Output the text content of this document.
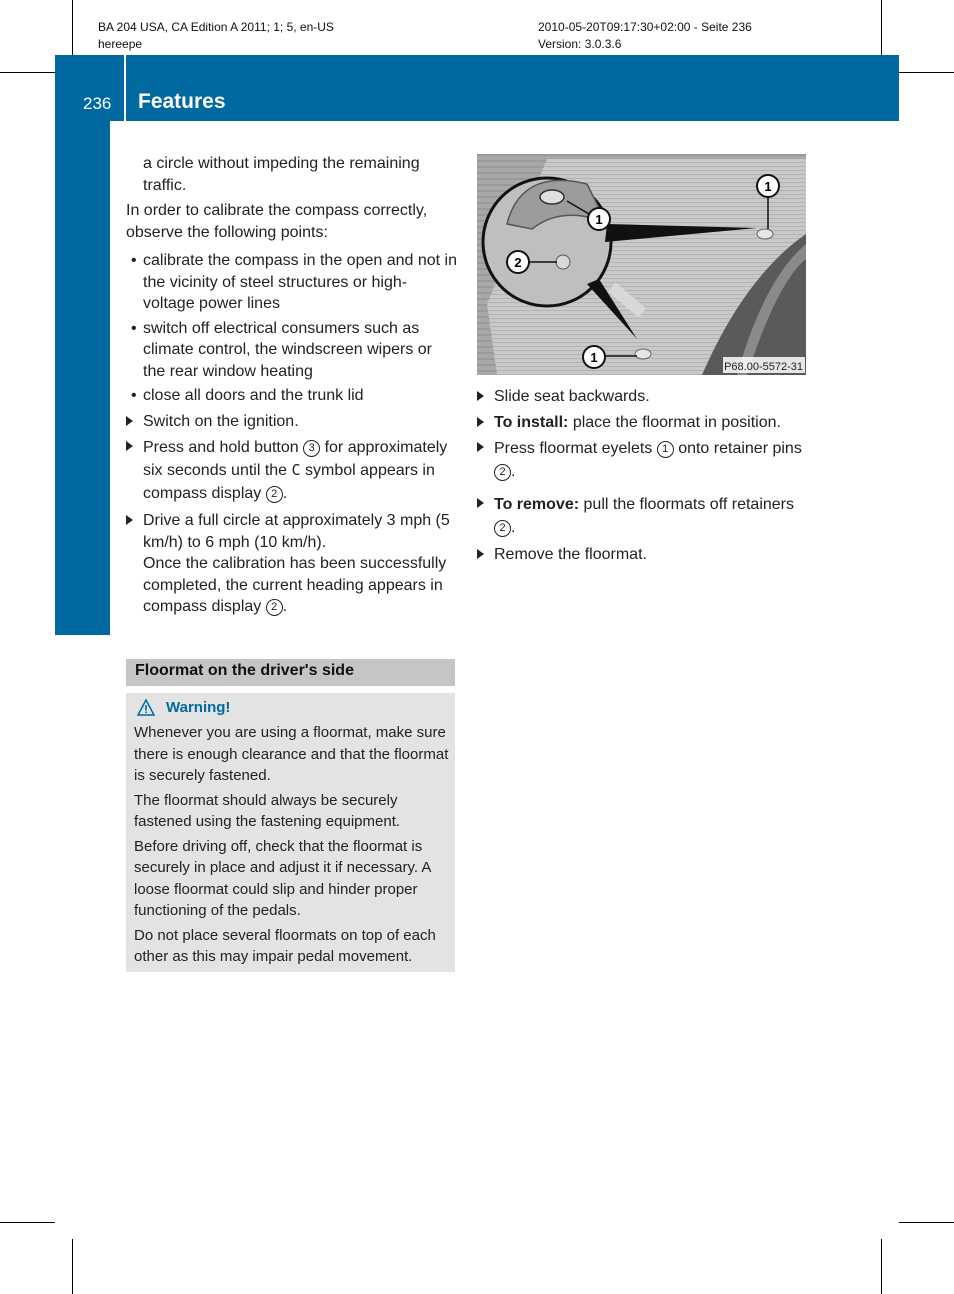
BA 204 USA, CA Edition A 2011; 1; 5, en-US
hereepe
2010-05-20T09:17:30+02:00 - Seite 236
Version: 3.0.3.6
236 Features
Loading, stowing and features
a circle without impeding the remaining traffic.
In order to calibrate the compass correctly, observe the following points:
• calibrate the compass in the open and not in the vicinity of steel structures or high-voltage power lines
• switch off electrical consumers such as climate control, the windscreen wipers or the rear window heating
• close all doors and the trunk lid
Switch on the ignition.
Press and hold button 3 for approximately six seconds until the C symbol appears in compass display 2 .
Drive a full circle at approximately 3 mph (5 km/h) to 6 mph (10 km/h).
Once the calibration has been successfully completed, the current heading appears in compass display 2 .
Floormat on the driver's side
Warning!

Whenever you are using a floormat, make sure there is enough clearance and that the floormat is securely fastened.

The floormat should always be securely fastened using the fastening equipment.

Before driving off, check that the floormat is securely in place and adjust it if necessary. A loose floormat could slip and hinder proper functioning of the pedals.

Do not place several floormats on top of each other as this may impair pedal movement.

1
2
1
1
P68.00-5572-31
Slide seat backwards.
To install: place the floormat in position.
Press floormat eyelets 1 onto retainer pins 2 .
To remove: pull the floormats off retainers 2 .
Remove the floormat.
